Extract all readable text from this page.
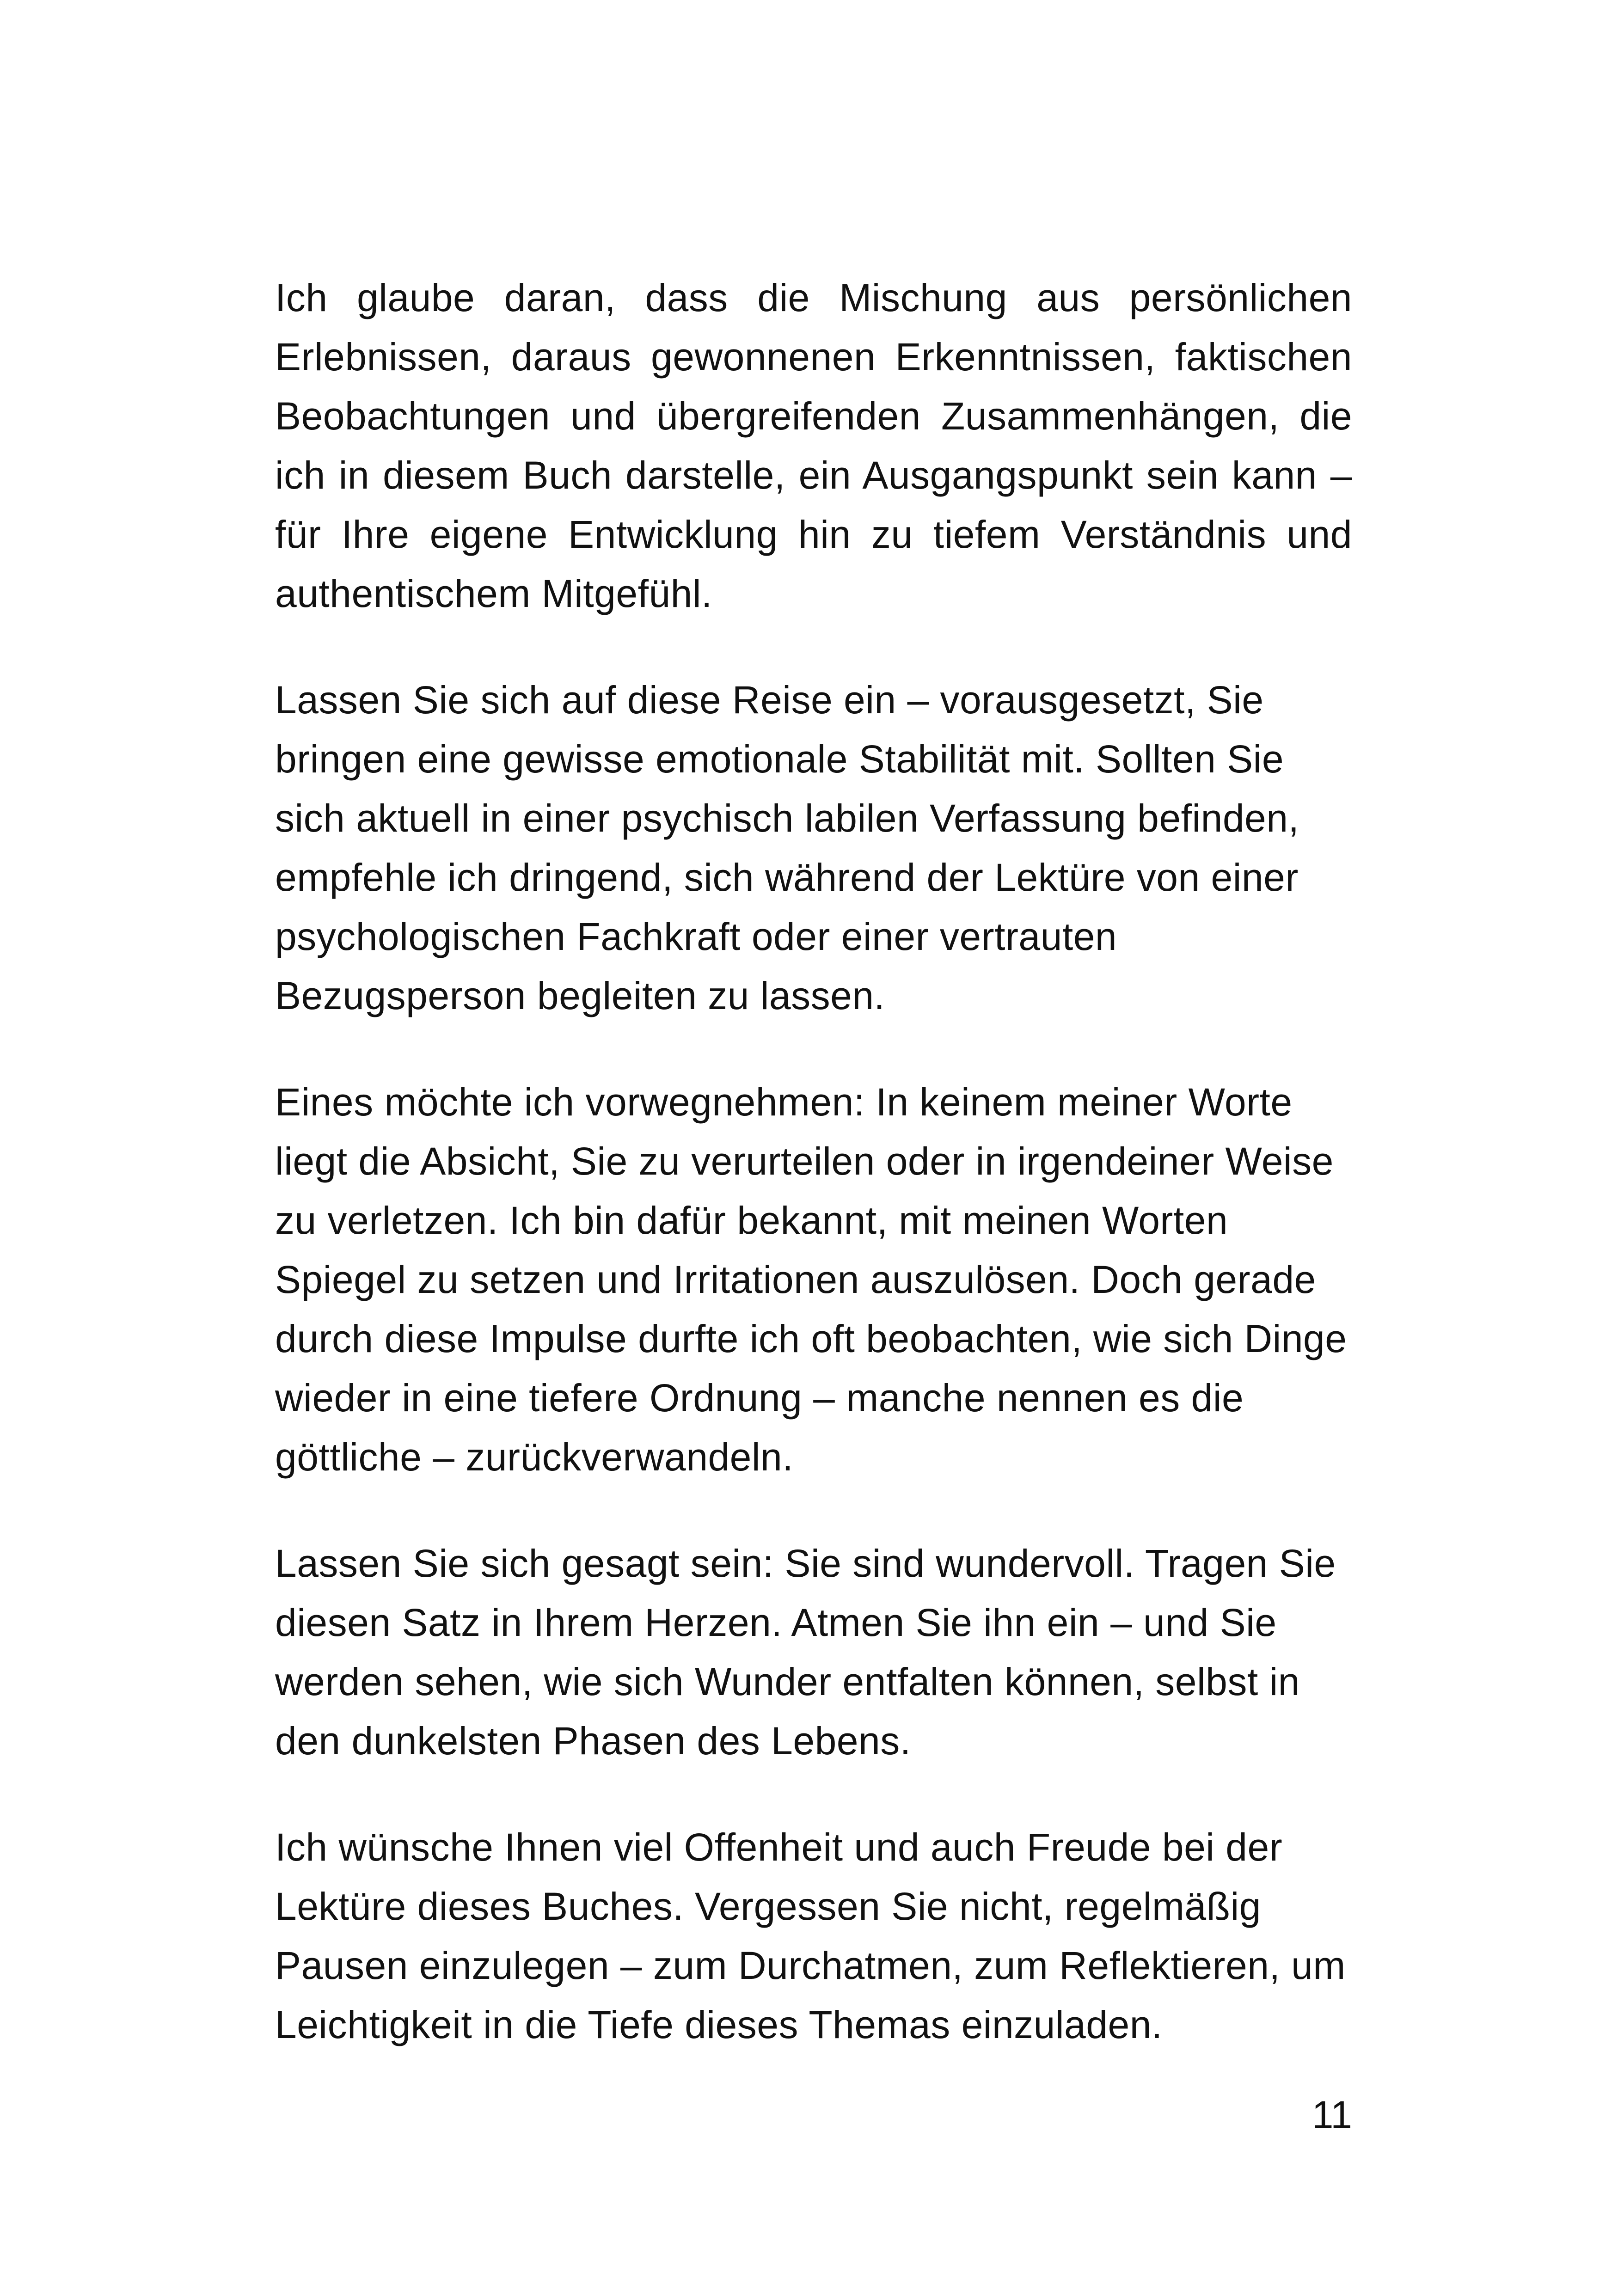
Ich glaube daran, dass die Mischung aus persönlichen
Erlebnissen, daraus gewonnenen Erkenntnissen, faktischen
Beobachtungen und übergreifenden Zusammenhängen, die
ich in diesem Buch darstelle, ein Ausgangspunkt sein kann –
für Ihre eigene Entwicklung hin zu tiefem Verständnis und
authentischem Mitgefühl.

Lassen Sie sich auf diese Reise ein – vorausgesetzt, Sie
bringen eine gewisse emotionale Stabilität mit. Sollten Sie
sich aktuell in einer psychisch labilen Verfassung befinden,
empfehle ich dringend, sich während der Lektüre von einer
psychologischen Fachkraft oder einer vertrauten
Bezugsperson begleiten zu lassen.

Eines möchte ich vorwegnehmen: In keinem meiner Worte
liegt die Absicht, Sie zu verurteilen oder in irgendeiner Weise
zu verletzen. Ich bin dafür bekannt, mit meinen Worten
Spiegel zu setzen und Irritationen auszulösen. Doch gerade
durch diese Impulse durfte ich oft beobachten, wie sich Dinge
wieder in eine tiefere Ordnung – manche nennen es die
göttliche – zurückverwandeln.

Lassen Sie sich gesagt sein: Sie sind wundervoll. Tragen Sie
diesen Satz in Ihrem Herzen. Atmen Sie ihn ein – und Sie
werden sehen, wie sich Wunder entfalten können, selbst in
den dunkelsten Phasen des Lebens.

Ich wünsche Ihnen viel Offenheit und auch Freude bei der
Lektüre dieses Buches. Vergessen Sie nicht, regelmäßig
Pausen einzulegen – zum Durchatmen, zum Reflektieren, um
Leichtigkeit in die Tiefe dieses Themas einzuladen.

11
